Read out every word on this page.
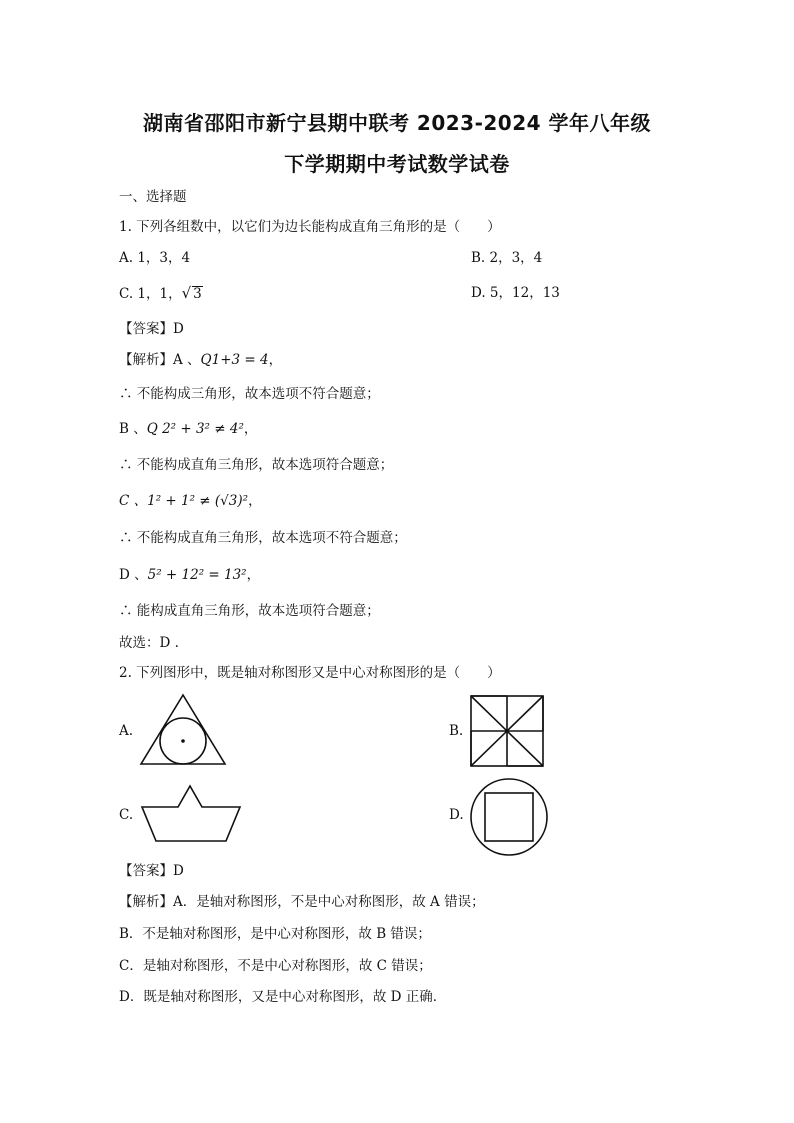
湖南省邵阳市新宁县期中联考 2023-2024 学年八年级
下学期期中考试数学试卷
一、选择题
1. 下列各组数中，以它们为边长能构成直角三角形的是（　　）
A. 1，3，4	B. 2，3，4
C. 1，1，√ 3	D. 5，12，13
【答案】D
【解析】A 、Q1+3 = 4，
∴ 不能构成三角形，故本选项不符合题意；
B 、Q 2² + 3² ≠ 4²，
∴ 不能构成直角三角形，故本选项符合题意；
C 、1² + 1² ≠ (√3)²，
∴ 不能构成直角三角形，故本选项不符合题意；
D 、5² + 12² = 13²，
∴ 能构成直角三角形，故本选项符合题意；
故选：D .
2. 下列图形中，既是轴对称图形又是中心对称图形的是（　　）
A.	B.
C.	D.
【答案】D
【解析】A．是轴对称图形，不是中心对称图形，故 A 错误；
B．不是轴对称图形，是中心对称图形，故 B 错误；
C．是轴对称图形，不是中心对称图形，故 C 错误；
D．既是轴对称图形，又是中心对称图形，故 D 正确．
